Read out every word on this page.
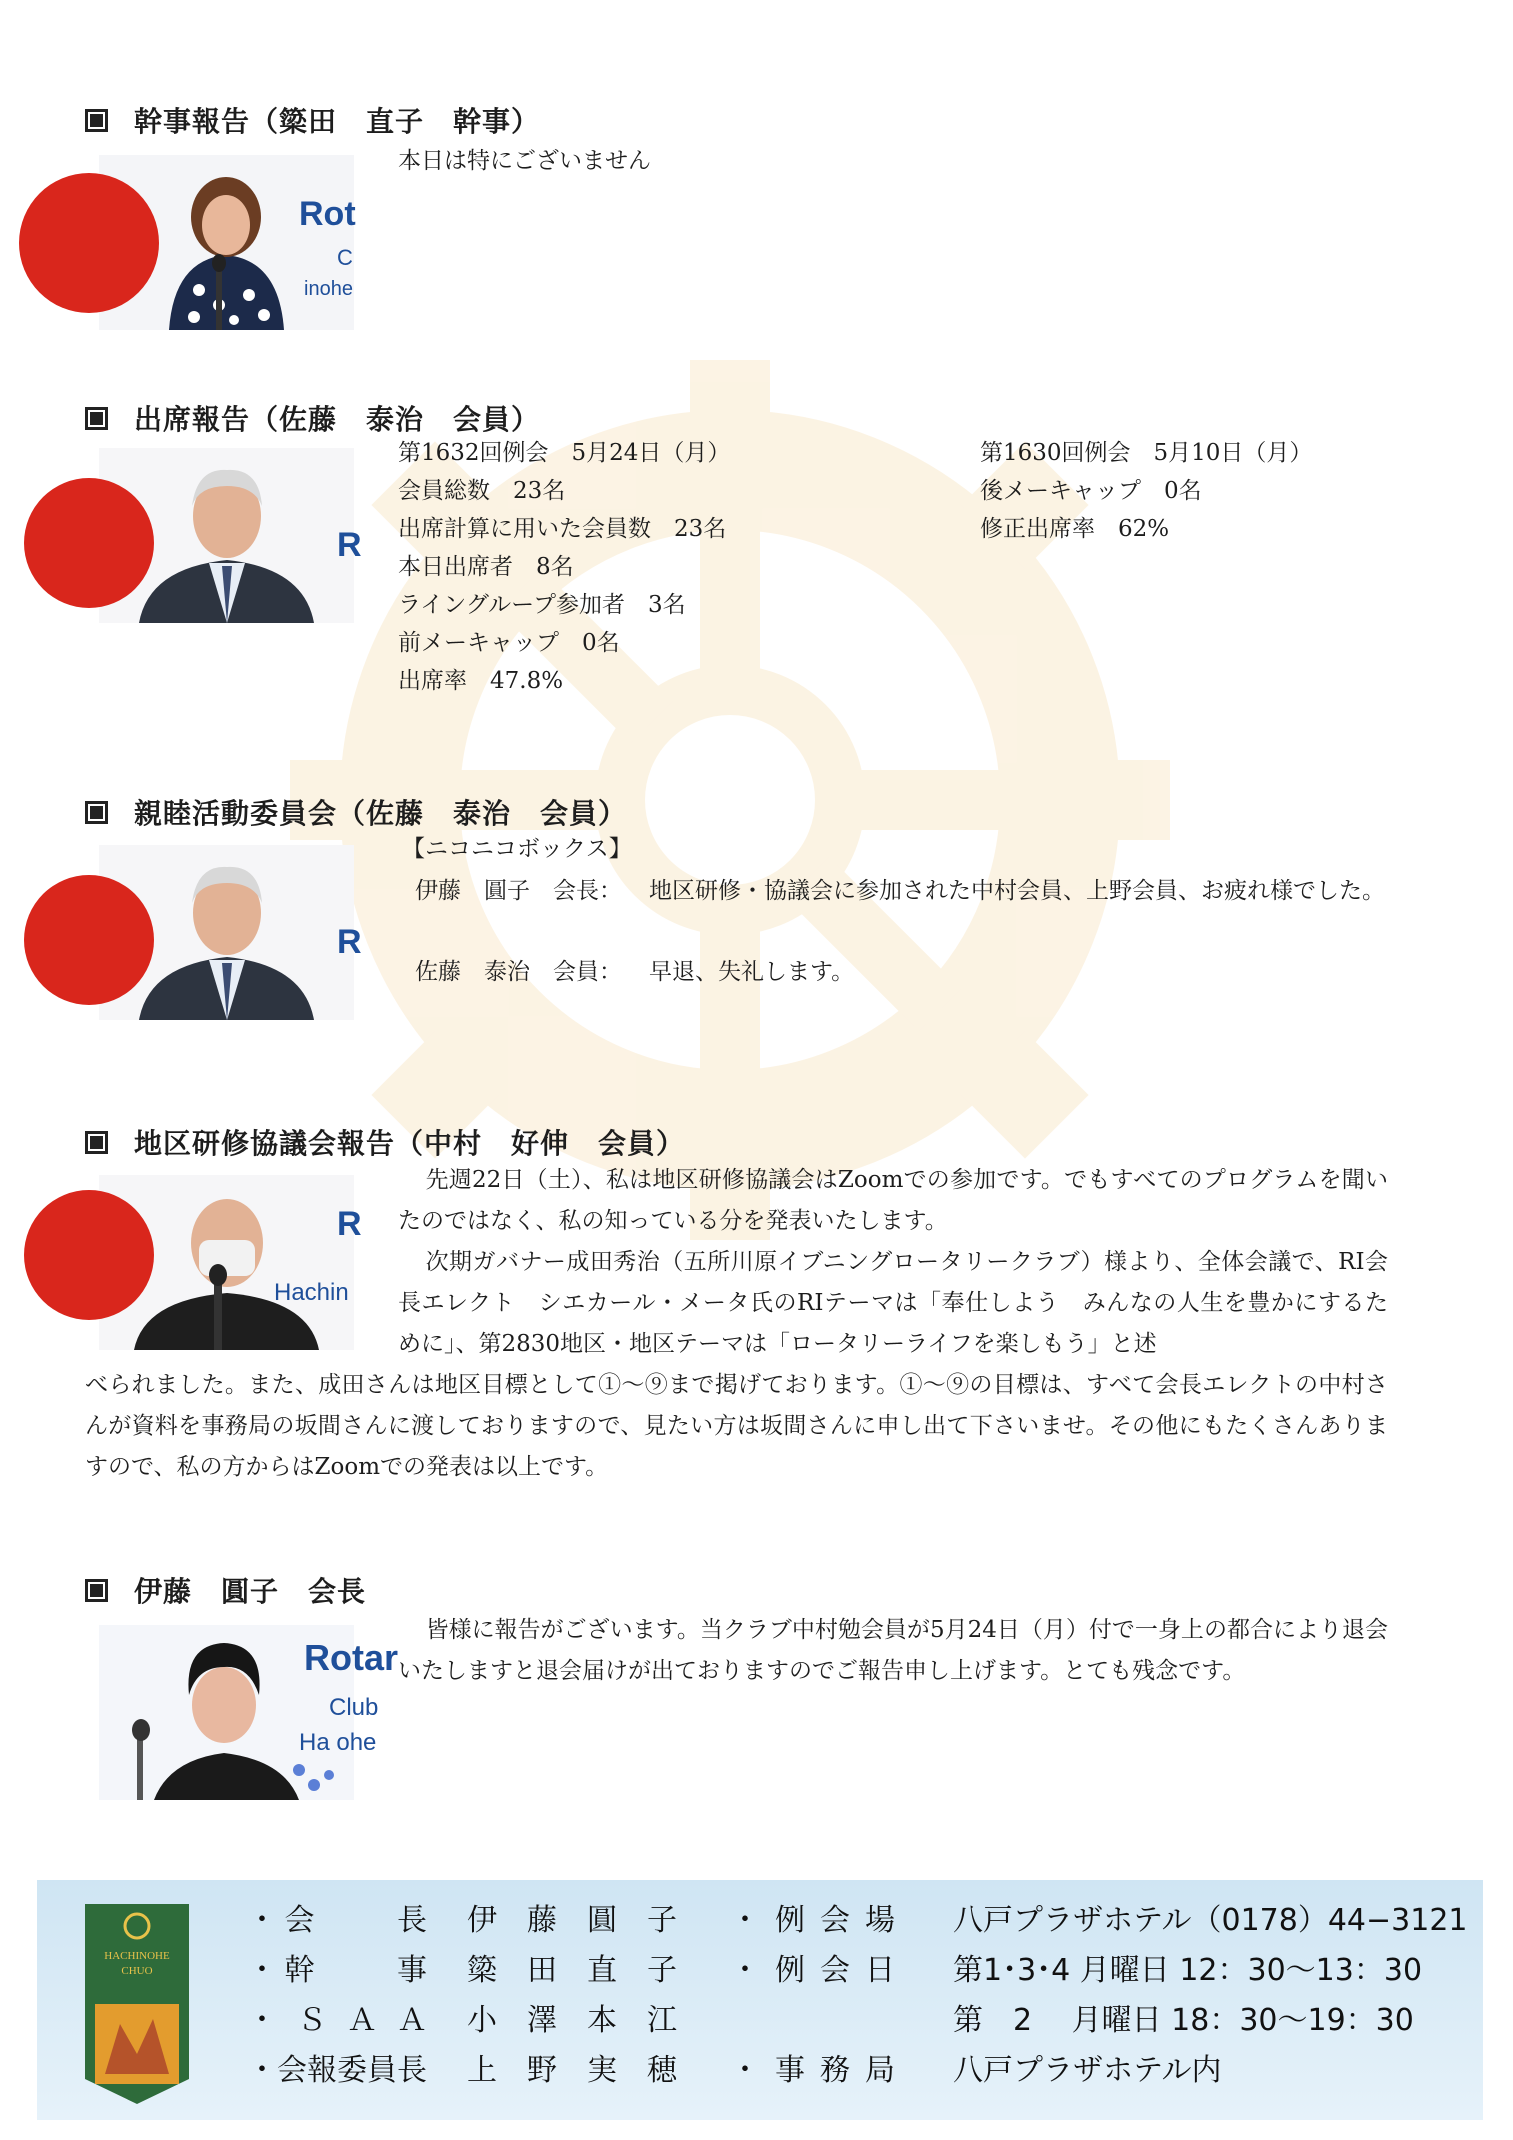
幹事報告（簗田　直子　幹事）
Rot
C
inohe
本日は特にございません
出席報告（佐藤　泰治　会員）
R
第1632回例会　5月24日（月）
会員総数　23名
出席計算に用いた会員数　23名
本日出席者　8名
ライングループ参加者　3名
前メーキャップ　0名
出席率　47.8%
第1630回例会　5月10日（月）
後メーキャップ　0名
修正出席率　62%
親睦活動委員会（佐藤　泰治　会員）
R
【ニコニコボックス】
伊藤　圓子　会長： 地区研修・協議会に参加された中村会員、上野会員、お疲れ様でした。
佐藤　泰治　会員： 早退、失礼します。
地区研修協議会報告（中村　好伸　会員）
R
Hachin
先週22日（土）、私は地区研修協議会はZoomでの参加です。でもすべてのプログラムを聞いたのではなく、私の知っている分を発表いたします。
次期ガバナー成田秀治（五所川原イブニングロータリークラブ）様より、全体会議で、RI会長エレクト　シエカール・メータ氏のRIテーマは「奉仕しよう　みんなの人生を豊かにするために」、第2830地区・地区テーマは「ロータリーライフを楽しもう」と述
べられました。また、成田さんは地区目標として①～⑨まで掲げております。①～⑨の目標は、すべて会長エレクトの中村さんが資料を事務局の坂間さんに渡しておりますので、見たい方は坂間さんに申し出て下さいませ。その他にもたくさんありますので、私の方からはZoomでの発表は以上です。
伊藤　圓子　会長
Rotar
Club
Ha ohe
皆様に報告がございます。当クラブ中村勉会員が5月24日（月）付で一身上の都合により退会いたしますと退会届けが出ておりますのでご報告申し上げます。とても残念です。
HACHINOHE
CHUO
・会　　長 伊藤圓子
・幹　　事 簗田直子
・ＳＡＡ 小澤本江
・会報委員長 上野実穂
・例会場 八戸プラザホテル（0178）44−3121
・例会日 第1･3･4 月曜日 12：30〜13：30
第　2　 月曜日 18：30〜19：30
・事務局 八戸プラザホテル内
